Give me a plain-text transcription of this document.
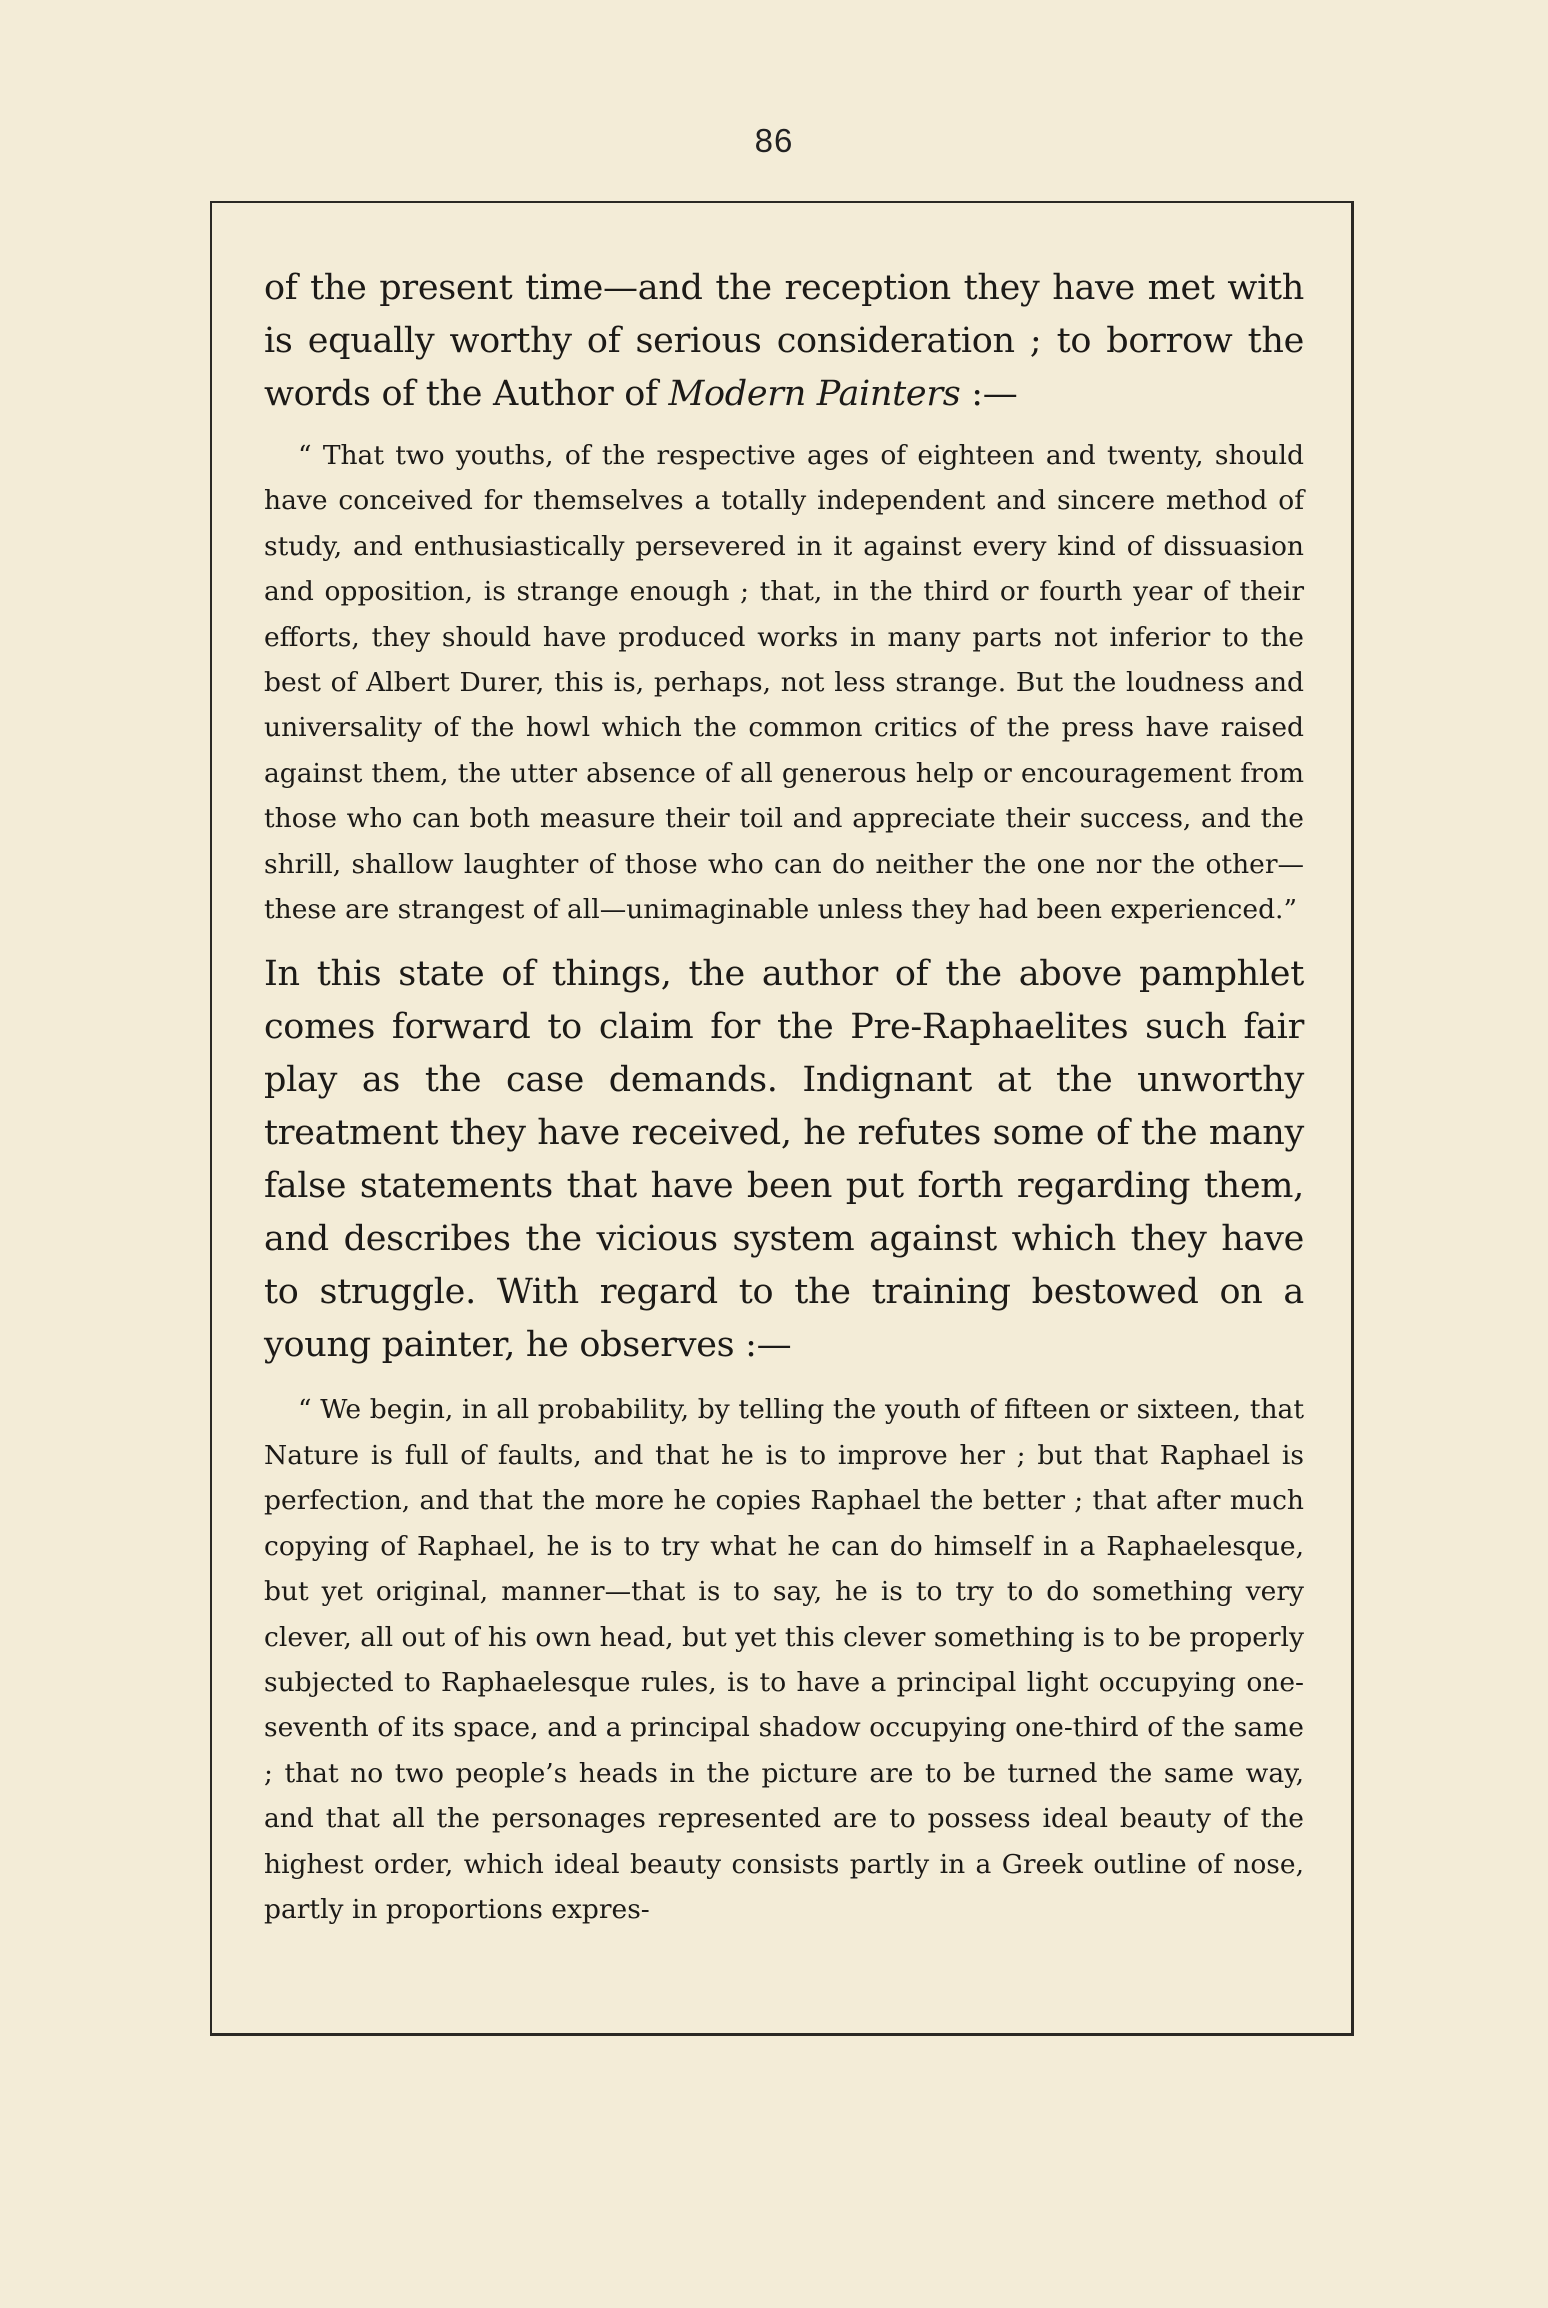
86

of the present time—and the reception they have met with is equally worthy of serious consideration ; to borrow the words of the Author of Modern Painters :—

“ That two youths, of the respective ages of eighteen and twenty, should have conceived for themselves a totally independent and sincere method of study, and enthusiastically persevered in it against every kind of dissuasion and opposition, is strange enough ; that, in the third or fourth year of their efforts, they should have produced works in many parts not inferior to the best of Albert Durer, this is, perhaps, not less strange. But the loudness and universality of the howl which the common critics of the press have raised against them, the utter absence of all generous help or encouragement from those who can both measure their toil and appreciate their success, and the shrill, shallow laughter of those who can do neither the one nor the other—these are strangest of all—unimaginable unless they had been experienced.”

In this state of things, the author of the above pamphlet comes forward to claim for the Pre-Raphaelites such fair play as the case demands. Indignant at the unworthy treatment they have received, he refutes some of the many false statements that have been put forth regarding them, and describes the vicious system against which they have to struggle. With regard to the training bestowed on a young painter, he observes :—

“ We begin, in all probability, by telling the youth of fifteen or sixteen, that Nature is full of faults, and that he is to improve her ; but that Raphael is perfection, and that the more he copies Raphael the better ; that after much copying of Raphael, he is to try what he can do himself in a Raphaelesque, but yet original, manner—that is to say, he is to try to do something very clever, all out of his own head, but yet this clever something is to be properly subjected to Raphaelesque rules, is to have a principal light occupying one-seventh of its space, and a principal shadow occupying one-third of the same ; that no two people’s heads in the picture are to be turned the same way, and that all the personages represented are to possess ideal beauty of the highest order, which ideal beauty consists partly in a Greek outline of nose, partly in proportions expres-
